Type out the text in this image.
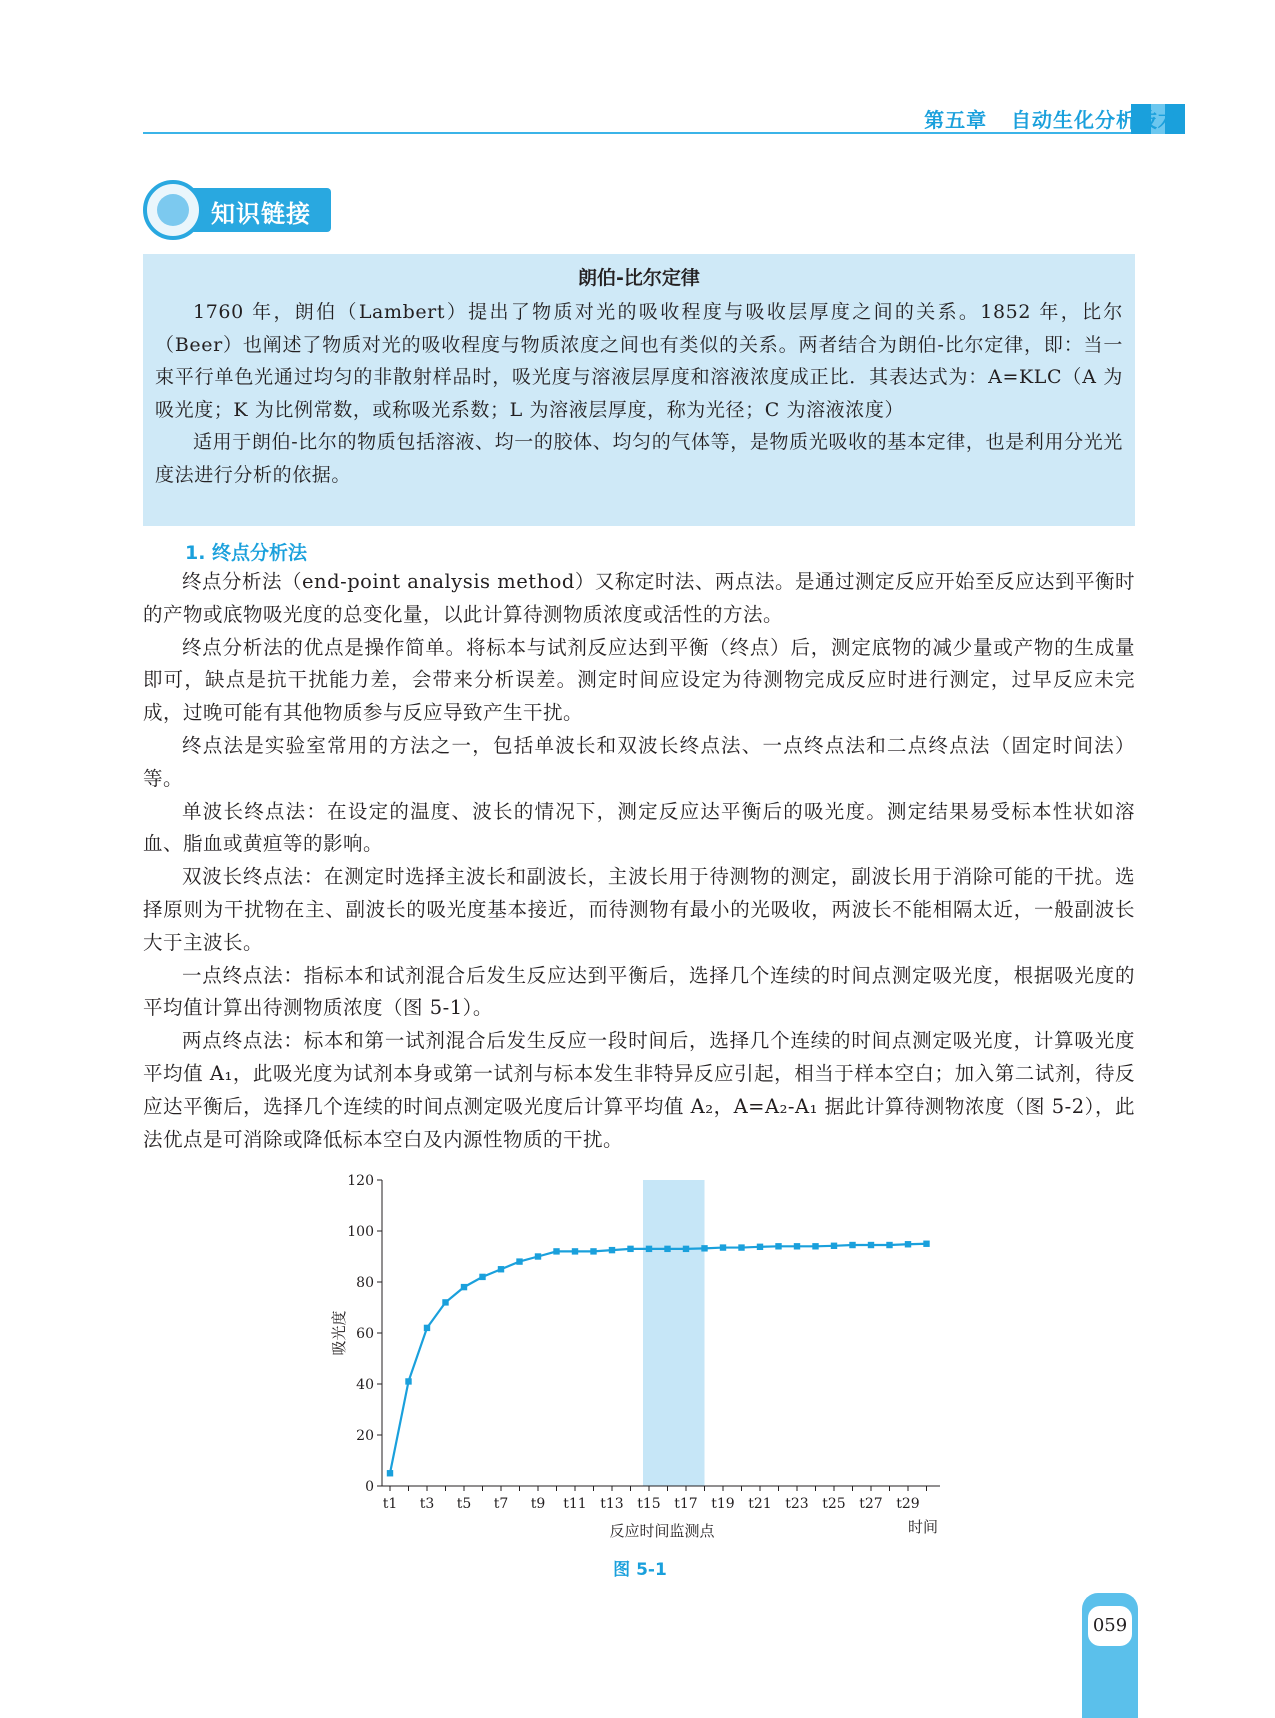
第五章 自动生化分析技术
知识链接
朗伯-比尔定律

1760 年，朗伯（Lambert）提出了物质对光的吸收程度与吸收层厚度之间的关系。1852 年，比尔（Beer）也阐述了物质对光的吸收程度与物质浓度之间也有类似的关系。两者结合为朗伯-比尔定律，即：当一束平行单色光通过均匀的非散射样品时，吸光度与溶液层厚度和溶液浓度成正比．其表达式为：A=KLC（A 为吸光度；K 为比例常数，或称吸光系数；L 为溶液层厚度，称为光径；C 为溶液浓度）

适用于朗伯-比尔的物质包括溶液、均一的胶体、均匀的气体等，是物质光吸收的基本定律，也是利用分光光度法进行分析的依据。

1. 终点分析法

终点分析法（end-point analysis method）又称定时法、两点法。是通过测定反应开始至反应达到平衡时的产物或底物吸光度的总变化量，以此计算待测物质浓度或活性的方法。

终点分析法的优点是操作简单。将标本与试剂反应达到平衡（终点）后，测定底物的减少量或产物的生成量即可，缺点是抗干扰能力差，会带来分析误差。测定时间应设定为待测物完成反应时进行测定，过早反应未完成，过晚可能有其他物质参与反应导致产生干扰。

终点法是实验室常用的方法之一，包括单波长和双波长终点法、一点终点法和二点终点法（固定时间法）等。

单波长终点法：在设定的温度、波长的情况下，测定反应达平衡后的吸光度。测定结果易受标本性状如溶血、脂血或黄疸等的影响。

双波长终点法：在测定时选择主波长和副波长，主波长用于待测物的测定，副波长用于消除可能的干扰。选择原则为干扰物在主、副波长的吸光度基本接近，而待测物有最小的光吸收，两波长不能相隔太近，一般副波长大于主波长。

一点终点法：指标本和试剂混合后发生反应达到平衡后，选择几个连续的时间点测定吸光度，根据吸光度的平均值计算出待测物质浓度（图 5-1）。

两点终点法：标本和第一试剂混合后发生反应一段时间后，选择几个连续的时间点测定吸光度，计算吸光度平均值 A₁，此吸光度为试剂本身或第一试剂与标本发生非特异反应引起，相当于样本空白；加入第二试剂，待反应达平衡后，选择几个连续的时间点测定吸光度后计算平均值 A₂，A=A₂-A₁ 据此计算待测物浓度（图 5-2），此法优点是可消除或降低标本空白及内源性物质的干扰。

0
20
40
60
80
100
120
t1 t3 t5 t7 t9 t11 t13 t15 t17 t19 t21 t23 t25 t27 t29
反应时间监测点	时间
吸光度
图 5-1
059
